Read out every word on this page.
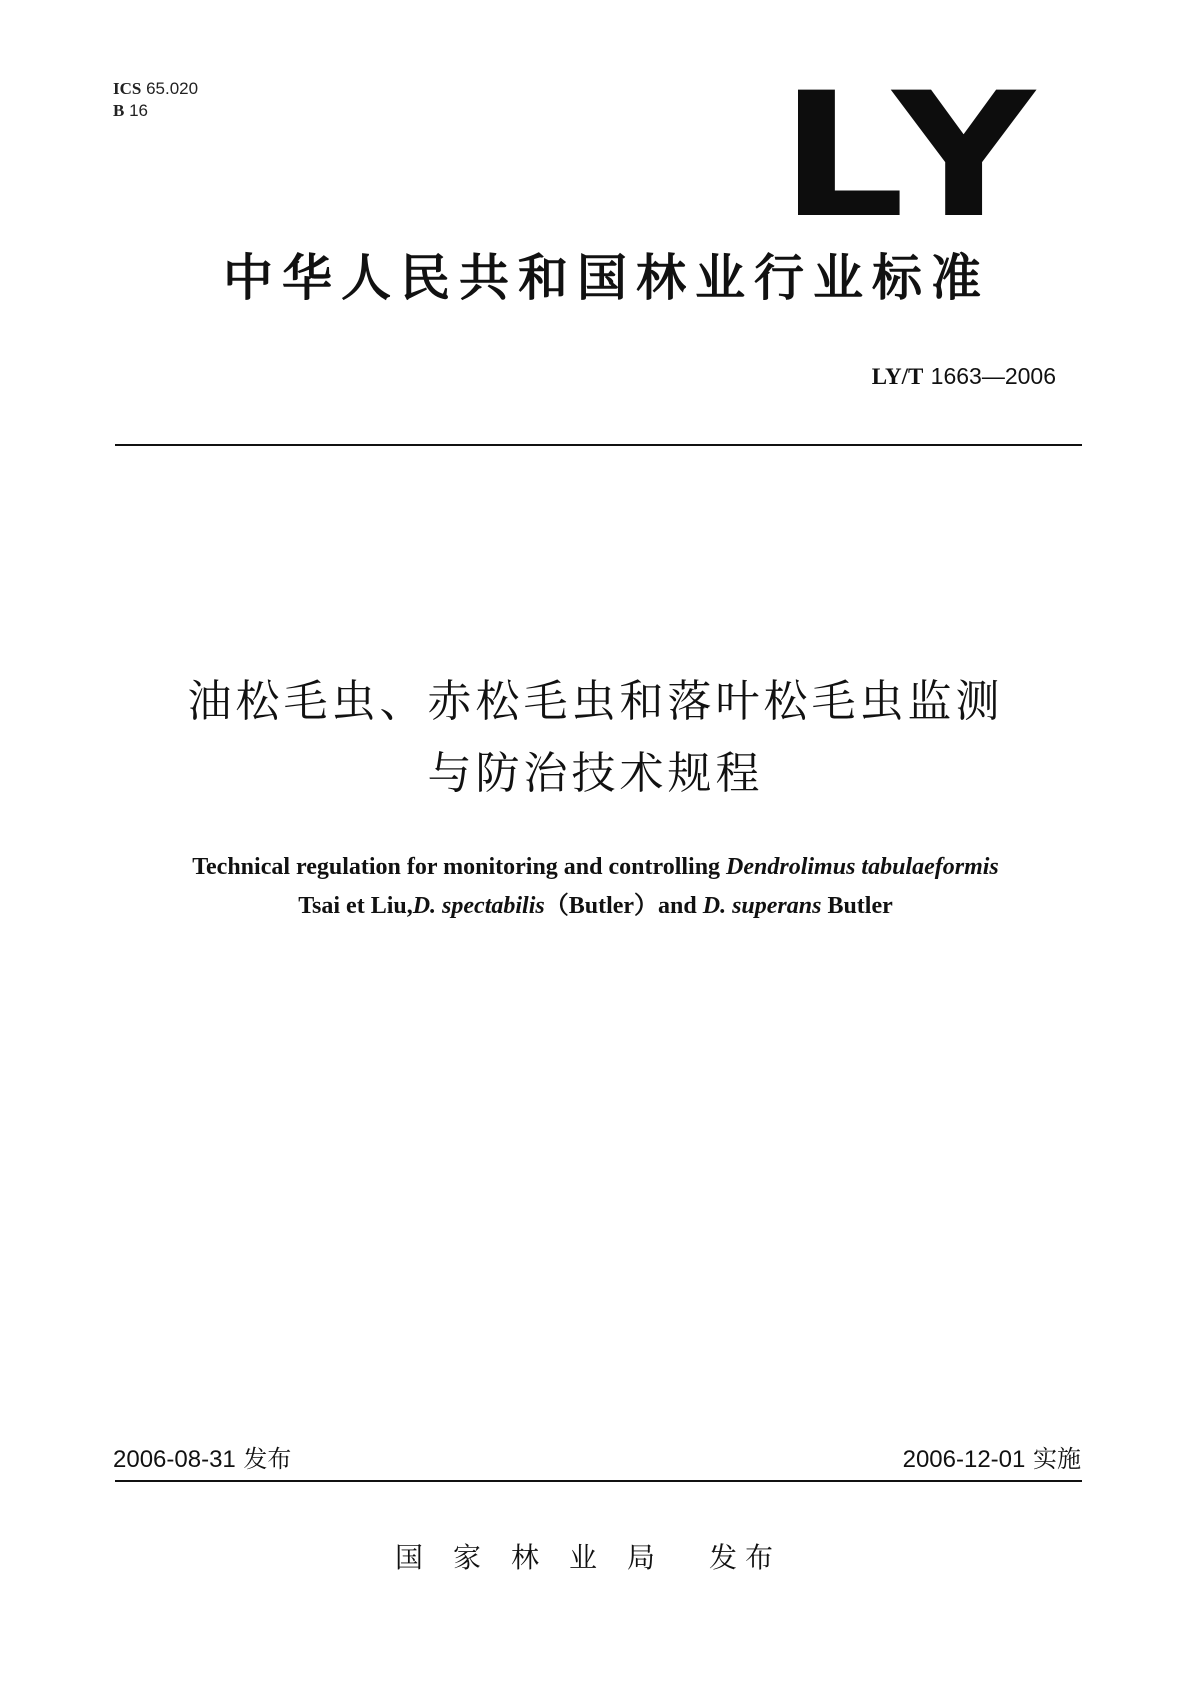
ICS 65.020
B 16	LY
中华人民共和国林业行业标准
LY/T 1663—2006
油松毛虫、赤松毛虫和落叶松毛虫监测
与防治技术规程
Technical regulation for monitoring and controlling Dendrolimus tabulaeformis
Tsai et Liu,D. spectabilis（Butler）and D. superans Butler
2006-08-31 发布	2006-12-01 实施
国家林业局 发布
